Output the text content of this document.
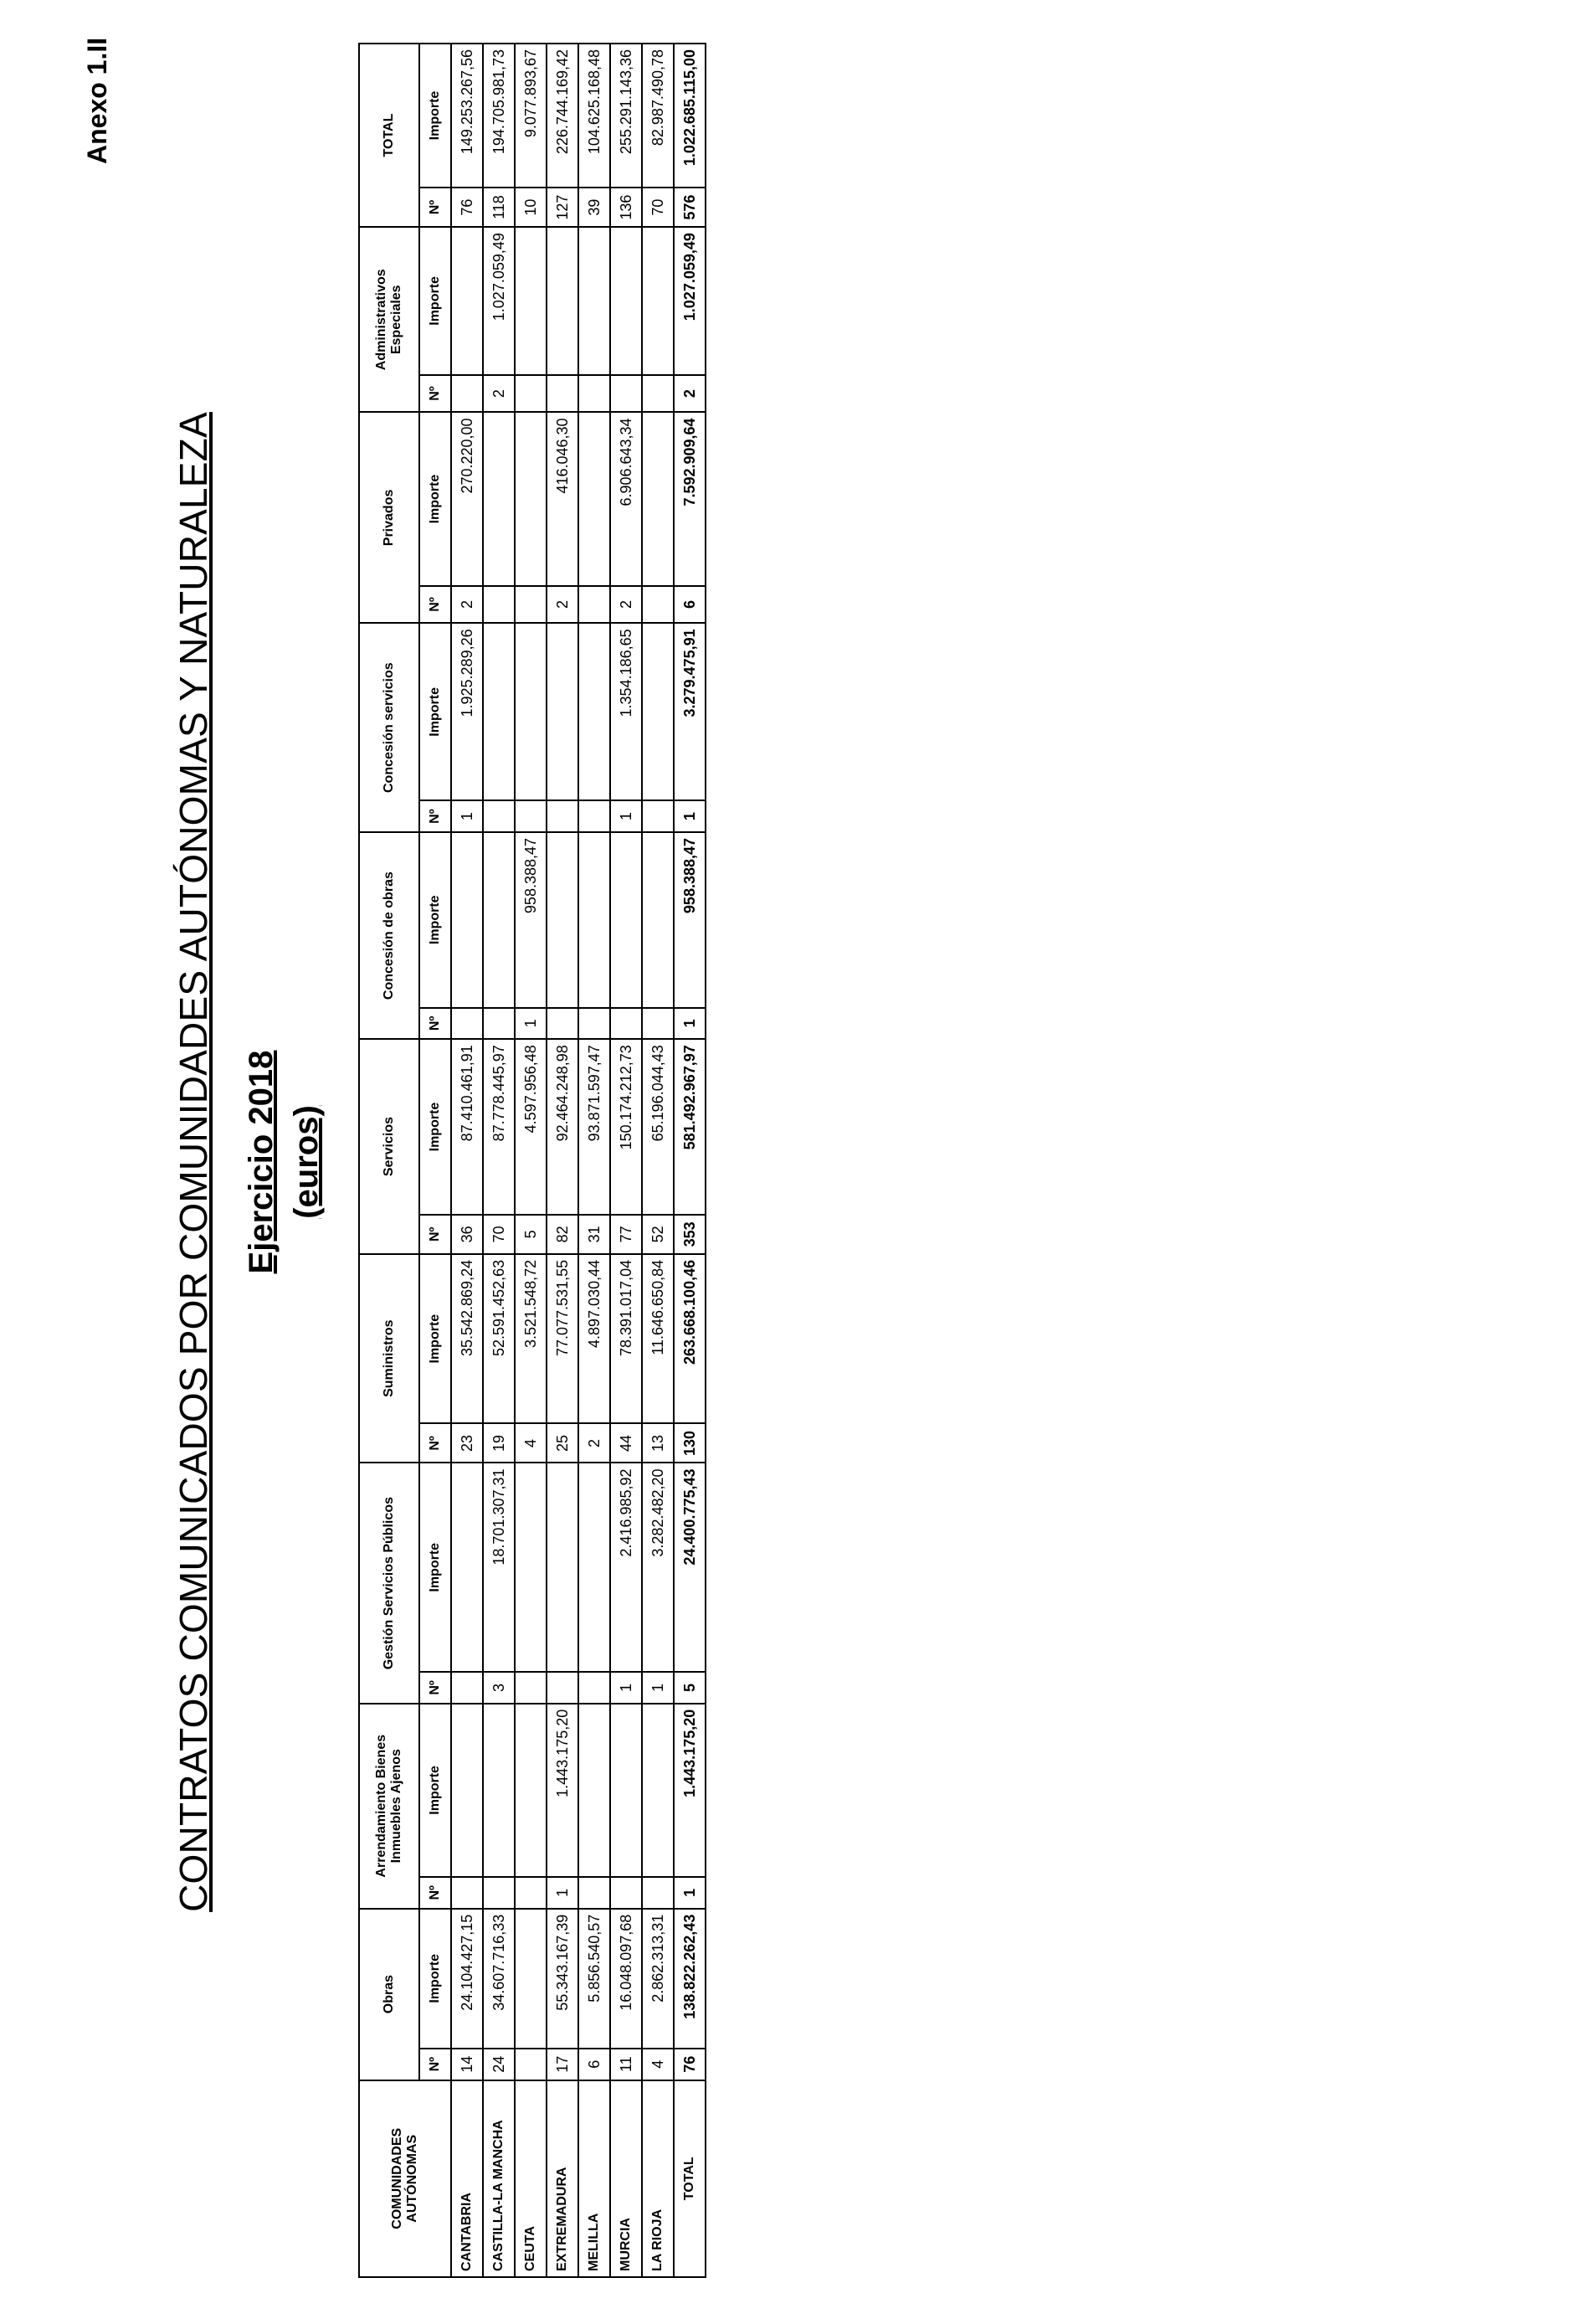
Anexo 1.II
CONTRATOS COMUNICADOS POR COMUNIDADES AUTÓNOMAS Y NATURALEZA Ejercicio 2018 (euros)
COMUNIDADES AUTÓNOMAS	Obras		Arrendamiento Bienes Inmuebles Ajenos		Gestión Servicios Públicos		Suministros		Servicios		Concesión de obras		Concesión servicios		Privados		Administrativos Especiales		TOTAL	
	Nº	Importe	Nº	Importe	Nº	Importe	Nº	Importe	Nº	Importe	Nº	Importe	Nº	Importe	Nº	Importe	Nº	Importe	Nº	Importe
CANTABRIA	14	24.104.427,15					23	35.542.869,24	36	87.410.461,91			1	1.925.289,26	2	270.220,00			76	149.253.267,56
CASTILLA-LA MANCHA	24	34.607.716,33			3	18.701.307,31	19	52.591.452,63	70	87.778.445,97							2	1.027.059,49	118	194.705.981,73
CEUTA							4	3.521.548,72	5	4.597.956,48	1	958.388,47							10	9.077.893,67
EXTREMADURA	17	55.343.167,39	1	1.443.175,20			25	77.077.531,55	82	92.464.248,98					2	416.046,30			127	226.744.169,42
MELILLA	6	5.856.540,57					2	4.897.030,44	31	93.871.597,47									39	104.625.168,48
MURCIA	11	16.048.097,68			1	2.416.985,92	44	78.391.017,04	77	150.174.212,73			1	1.354.186,65	2	6.906.643,34			136	255.291.143,36
LA RIOJA	4	2.862.313,31			1	3.282.482,20	13	11.646.650,84	52	65.196.044,43									70	82.987.490,78
TOTAL	76	138.822.262,43	1	1.443.175,20	5	24.400.775,43	130	263.668.100,46	353	581.492.967,97	1	958.388,47	1	3.279.475,91	6	7.592.909,64	2	1.027.059,49	576	1.022.685.115,00
